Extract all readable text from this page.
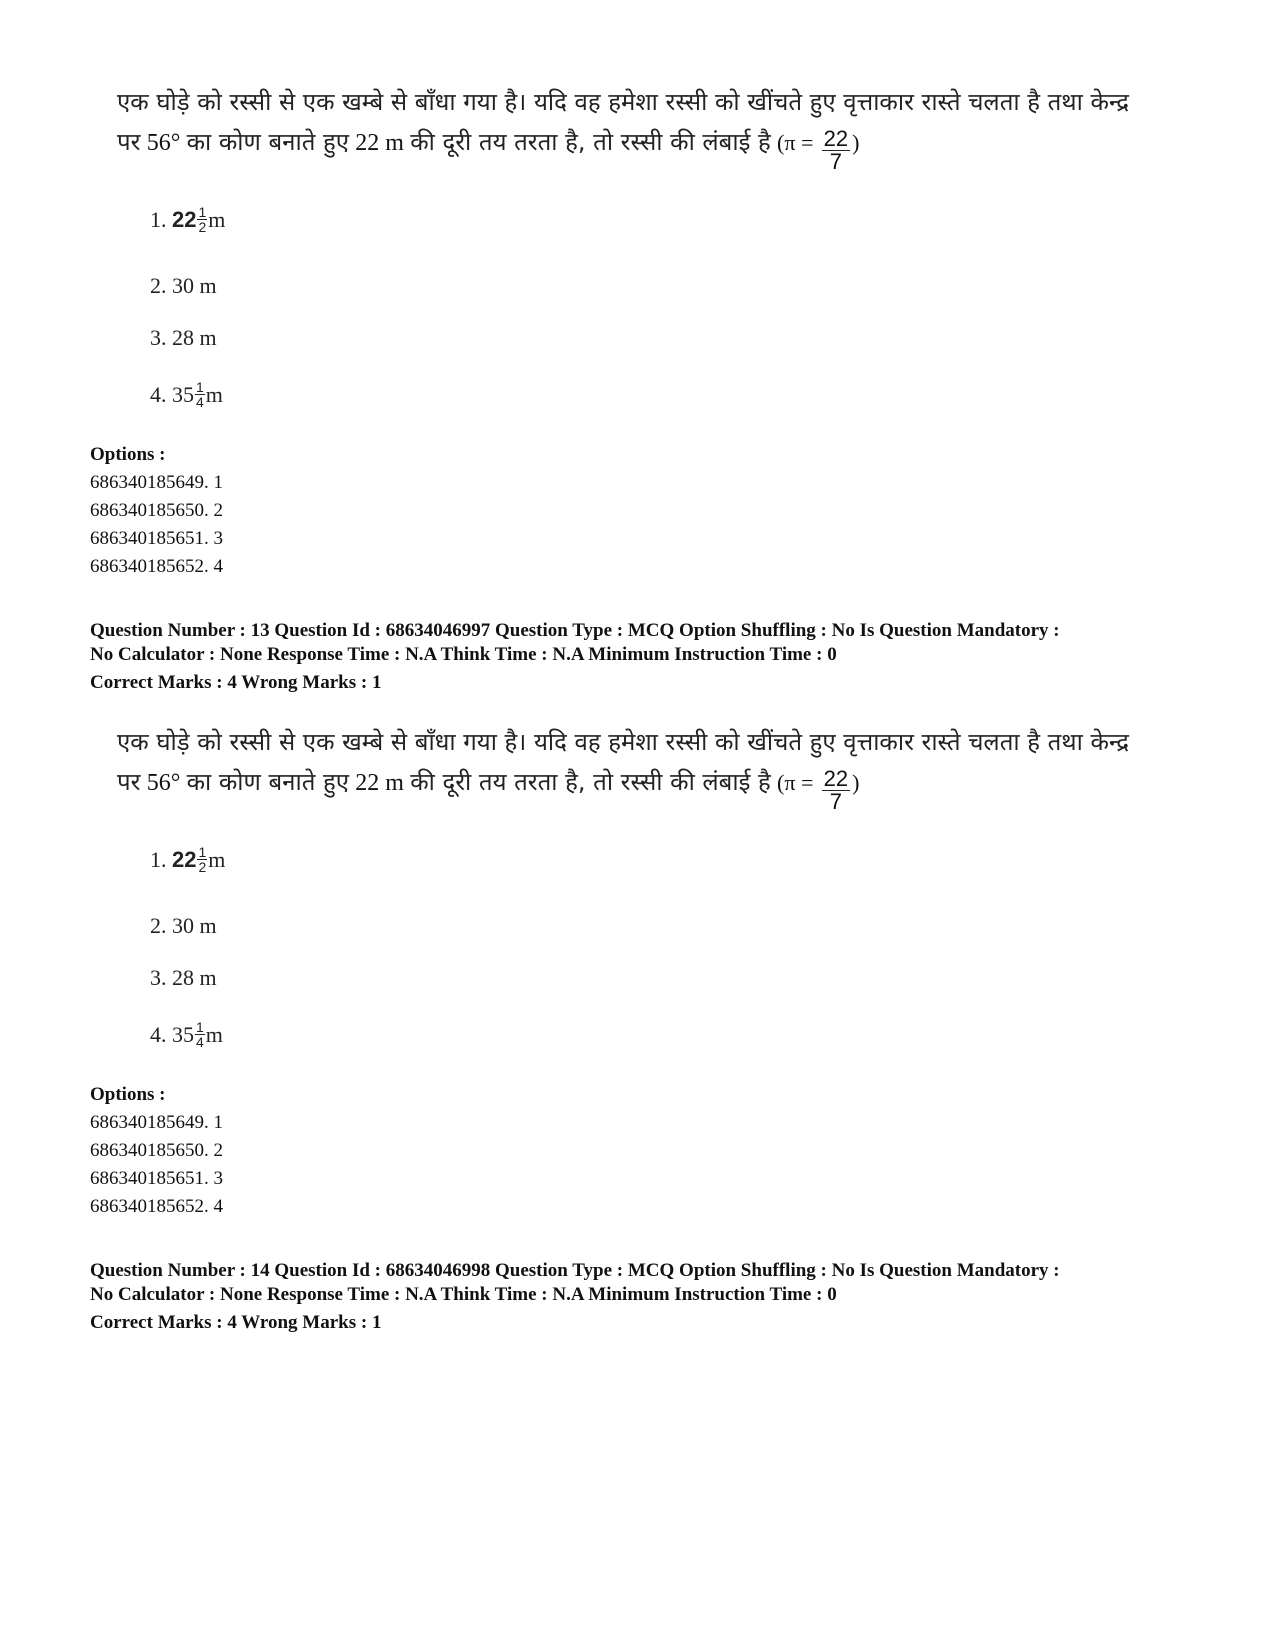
एक घोड़े को रस्सी से एक खम्बे से बाँधा गया है। यदि वह हमेशा रस्सी को खींचते हुए वृत्ताकार रास्ते चलता है तथा केन्द्र
पर 56° का कोण बनाते हुए 22 m की दूरी तय तरता है, तो रस्सी की लंबाई है ($\pi = \frac{22}{7}$ )
1.
$22 \frac{1}{2}$ m
2. 30 m
3. 28 m
4.
$35 \frac{1}{4}$ m
Options :
686340185649. 1
686340185650. 2
686340185651. 3
686340185652. 4
Question Number : 13 Question Id : 68634046997 Question Type : MCQ Option Shuffling : No Is Question Mandatory :
No Calculator : None Response Time : N.A Think Time : N.A Minimum Instruction Time : 0
Correct Marks : 4 Wrong Marks : 1
एक घोड़े को रस्सी से एक खम्बे से बाँधा गया है। यदि वह हमेशा रस्सी को खींचते हुए वृत्ताकार रास्ते चलता है तथा केन्द्र
पर 56° का कोण बनाते हुए 22 m की दूरी तय तरता है, तो रस्सी की लंबाई है ($\pi = \frac{22}{7}$ )
1.
$22 \frac{1}{2}$ m
2. 30 m
3. 28 m
4.
$35 \frac{1}{4}$ m
Options :
686340185649. 1
686340185650. 2
686340185651. 3
686340185652. 4
Question Number : 14 Question Id : 68634046998 Question Type : MCQ Option Shuffling : No Is Question Mandatory :
No Calculator : None Response Time : N.A Think Time : N.A Minimum Instruction Time : 0
Correct Marks : 4 Wrong Marks : 1
